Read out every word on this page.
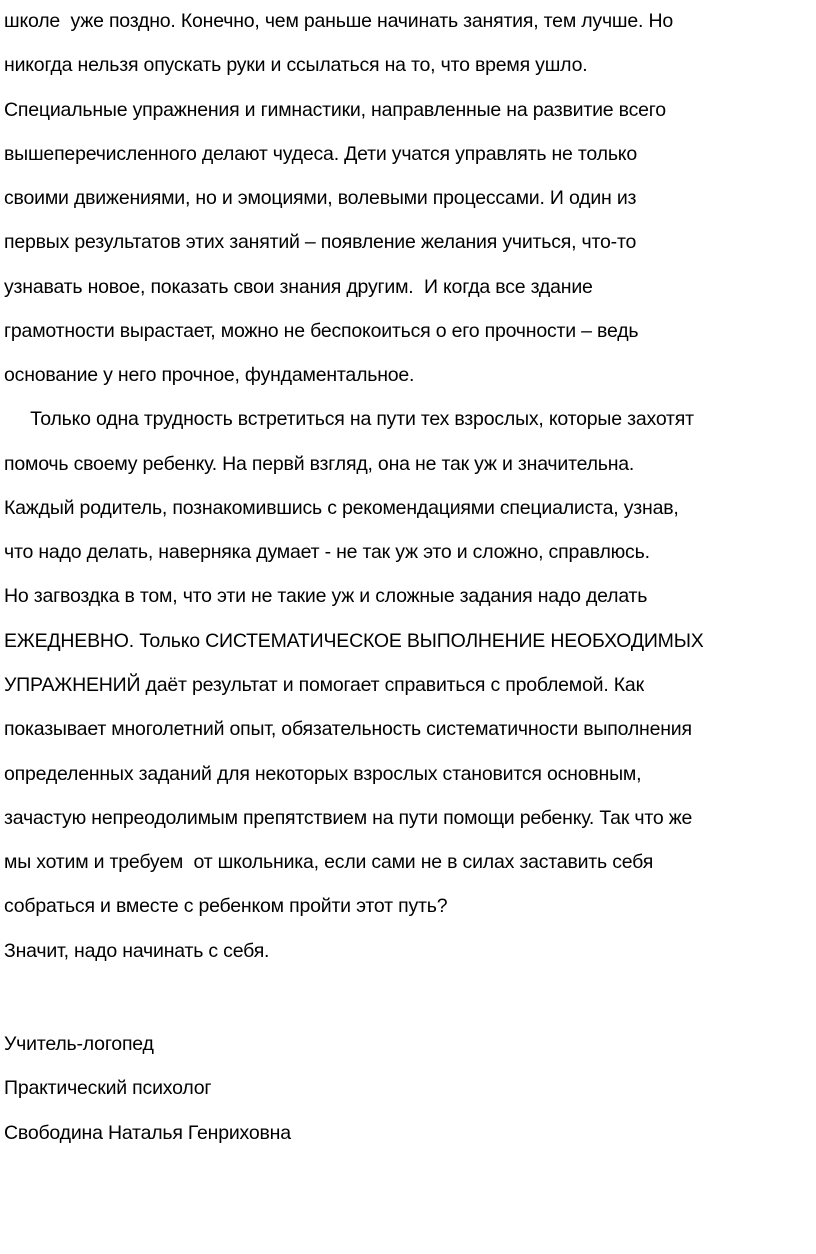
школе  уже поздно. Конечно, чем раньше начинать занятия, тем лучше. Но
никогда нельзя опускать руки и ссылаться на то, что время ушло.
Специальные упражнения и гимнастики, направленные на развитие всего
вышеперечисленного делают чудеса. Дети учатся управлять не только
своими движениями, но и эмоциями, волевыми процессами. И один из
первых результатов этих занятий – появление желания учиться, что-то
узнавать новое, показать свои знания другим.  И когда все здание
грамотности вырастает, можно не беспокоиться о его прочности – ведь
основание у него прочное, фундаментальное.
Только одна трудность встретиться на пути тех взрослых, которые захотят
помочь своему ребенку. На первй взгляд, она не так уж и значительна.
Каждый родитель, познакомившись с рекомендациями специалиста, узнав,
что надо делать, наверняка думает - не так уж это и сложно, справлюсь.
Но загвоздка в том, что эти не такие уж и сложные задания надо делать
ЕЖЕДНЕВНО. Только СИСТЕМАТИЧЕСКОЕ ВЫПОЛНЕНИЕ НЕОБХОДИМЫХ
УПРАЖНЕНИЙ даёт результат и помогает справиться с проблемой. Как
показывает многолетний опыт, обязательность систематичности выполнения
определенных заданий для некоторых взрослых становится основным,
зачастую непреодолимым препятствием на пути помощи ребенку. Так что же
мы хотим и требуем  от школьника, если сами не в силах заставить себя
собраться и вместе с ребенком пройти этот путь?
Значит, надо начинать с себя.
Учитель-логопед
Практический психолог
Свободина Наталья Генриховна
